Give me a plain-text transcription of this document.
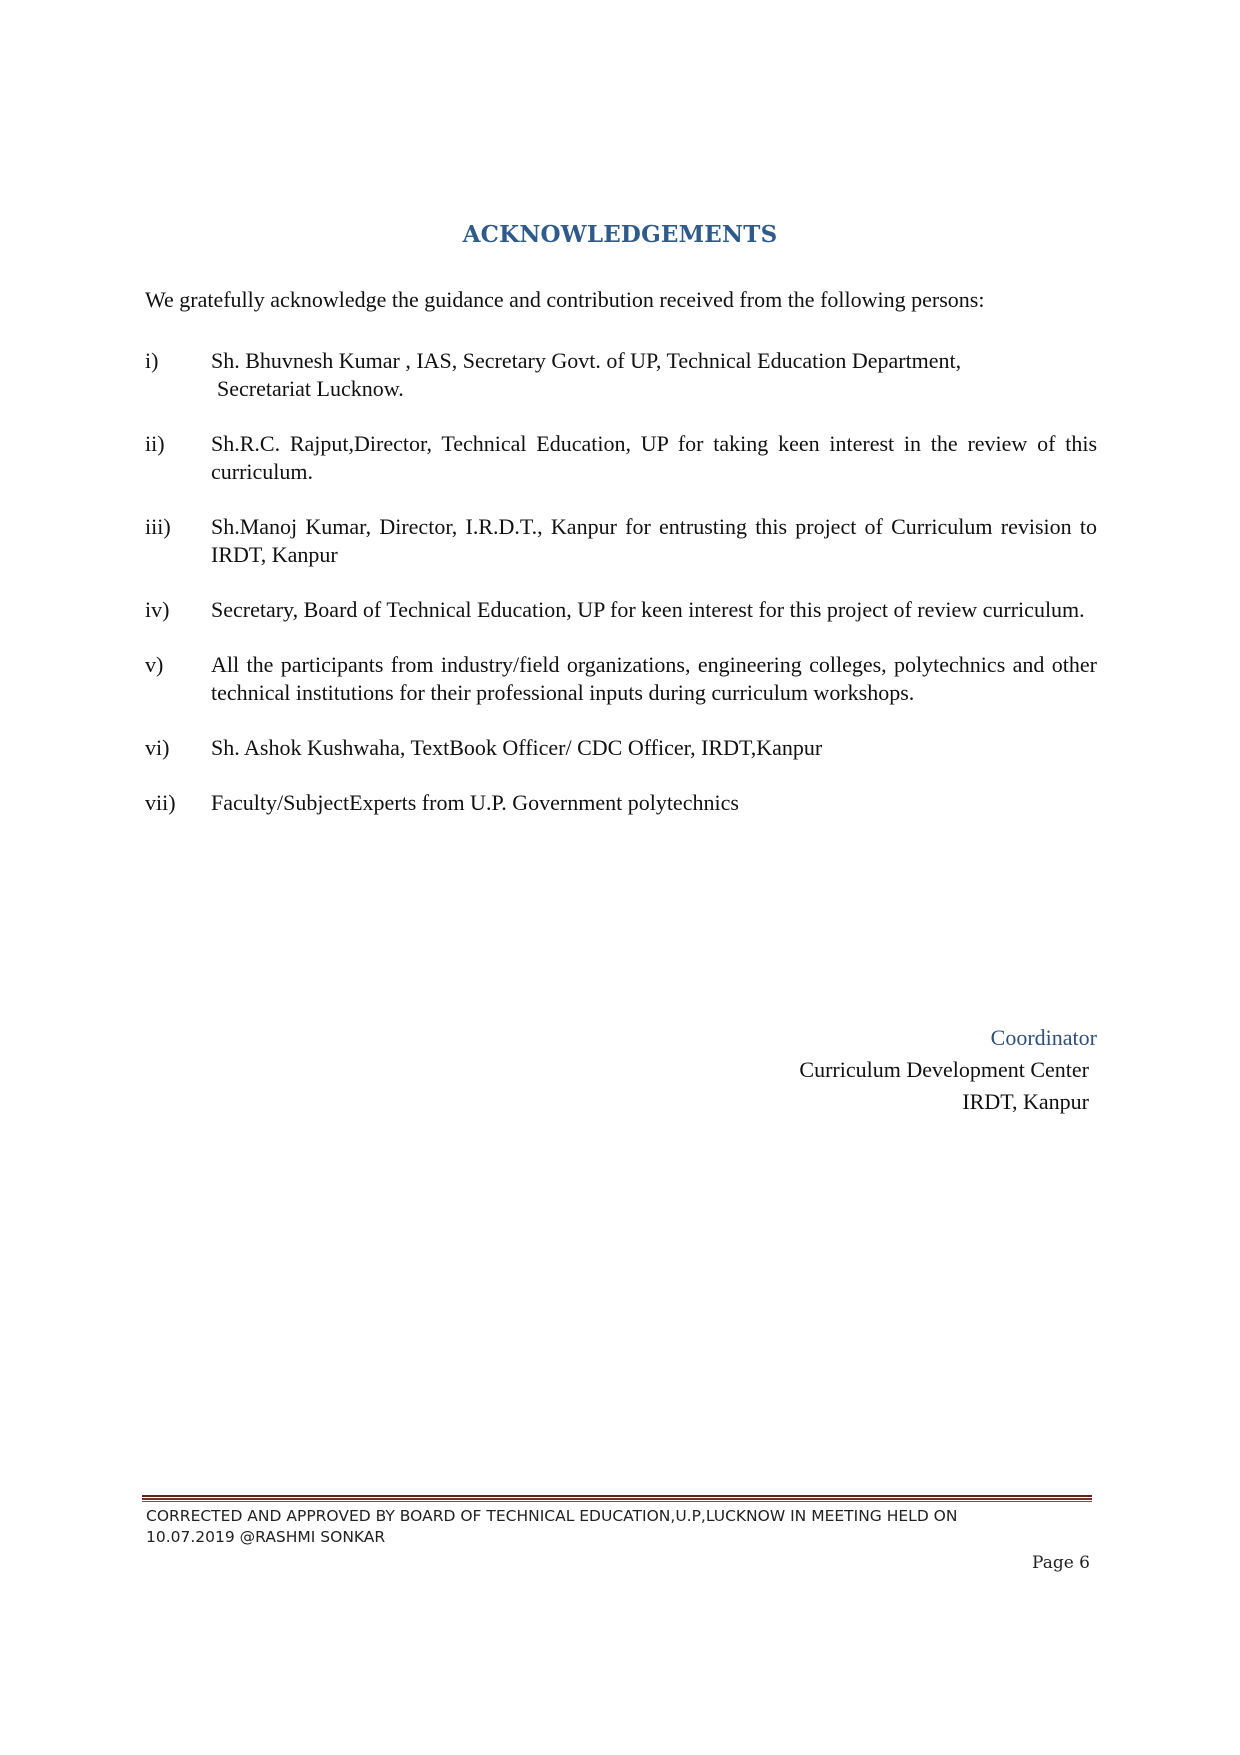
ACKNOWLEDGEMENTS
We gratefully acknowledge the guidance and contribution received from the following persons:
i) Sh. Bhuvnesh Kumar , IAS, Secretary Govt. of UP, Technical Education Department,
Secretariat Lucknow.
ii) Sh.R.C. Rajput,Director, Technical Education, UP for taking keen interest in the review of this curriculum.
iii) Sh.Manoj Kumar, Director, I.R.D.T., Kanpur for entrusting this project of Curriculum revision to IRDT, Kanpur
iv) Secretary, Board of Technical Education, UP for keen interest for this project of review curriculum.
v) All the participants from industry/field organizations, engineering colleges, polytechnics and other technical institutions for their professional inputs during curriculum workshops.
vi) Sh. Ashok Kushwaha, TextBook Officer/ CDC Officer, IRDT,Kanpur
vii) Faculty/SubjectExperts from U.P. Government polytechnics
Coordinator
Curriculum Development Center
IRDT, Kanpur
CORRECTED AND APPROVED BY BOARD OF TECHNICAL EDUCATION,U.P,LUCKNOW IN MEETING HELD ON
10.07.2019 @RASHMI SONKAR
Page 6
